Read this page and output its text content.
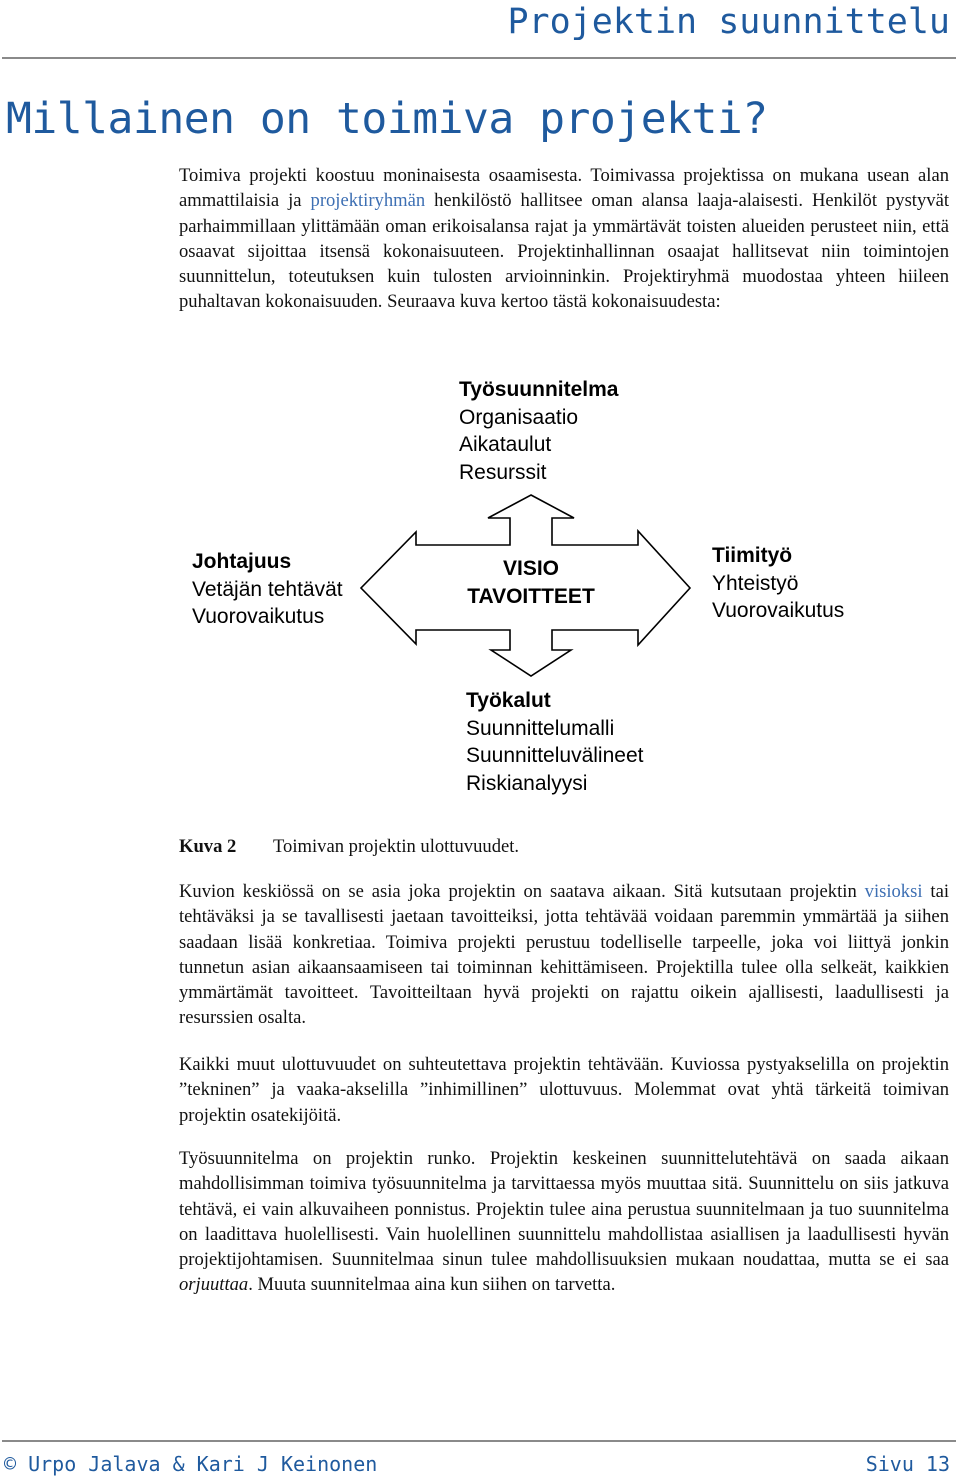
Projektin suunnittelu
Millainen on toimiva projekti?

Toimiva projekti koostuu moninaisesta osaamisesta. Toimivassa projektissa on mukana usean alan ammattilaisia ja projektiryhmän henkilöstö hallitsee oman alansa laaja-alaisesti. Henkilöt pystyvät parhaimmillaan ylittämään oman erikoisalansa rajat ja ymmärtävät toisten alueiden perusteet niin, että osaavat sijoittaa itsensä kokonaisuuteen. Projektinhallinnan osaajat hallitsevat niin toimintojen suunnittelun, toteutuksen kuin tulosten arvioinninkin. Projektiryhmä muodostaa yhteen hiileen puhaltavan kokonaisuuden. Seuraava kuva kertoo tästä kokonaisuudesta:

Työsuunnitelma
Organisaatio
Aikataulut
Resurssit
Johtajuus
Vetäjän tehtävät
Vuorovaikutus
Tiimityö
Yhteistyö
Vuorovaikutus
VISIO
TAVOITTEET
Työkalut
Suunnittelumalli
Suunnitteluvälineet
Riskianalyysi
Kuva 2 Toimivan projektin ulottuvuudet.

Kuvion keskiössä on se asia joka projektin on saatava aikaan. Sitä kutsutaan projektin visioksi tai tehtäväksi ja se tavallisesti jaetaan tavoitteiksi, jotta tehtävää voidaan paremmin ymmärtää ja siihen saadaan lisää konkretiaa. Toimiva projekti perustuu todelliselle tarpeelle, joka voi liittyä jonkin tunnetun asian aikaansaamiseen tai toiminnan kehittämiseen. Projektilla tulee olla selkeät, kaikkien ymmärtämät tavoitteet. Tavoitteiltaan hyvä projekti on rajattu oikein ajallisesti, laadullisesti ja resurssien osalta.

Kaikki muut ulottuvuudet on suhteutettava projektin tehtävään. Kuviossa pystyakselilla on projektin ”tekninen” ja vaaka-akselilla ”inhimillinen” ulottuvuus. Molemmat ovat yhtä tärkeitä toimivan projektin osatekijöitä.

Työsuunnitelma on projektin runko. Projektin keskeinen suunnittelutehtävä on saada aikaan mahdollisimman toimiva työsuunnitelma ja tarvittaessa myös muuttaa sitä. Suunnittelu on siis jatkuva tehtävä, ei vain alkuvaiheen ponnistus. Projektin tulee aina perustua suunnitelmaan ja tuo suunnitelma on laadittava huolellisesti. Vain huolellinen suunnittelu mahdollistaa asiallisen ja laadullisesti hyvän projektijohtamisen. Suunnitelmaa sinun tulee mahdollisuuksien mukaan noudattaa, mutta se ei saa orjuuttaa. Muuta suunnitelmaa aina kun siihen on tarvetta.

© Urpo Jalava & Kari J Keinonen	Sivu 13
